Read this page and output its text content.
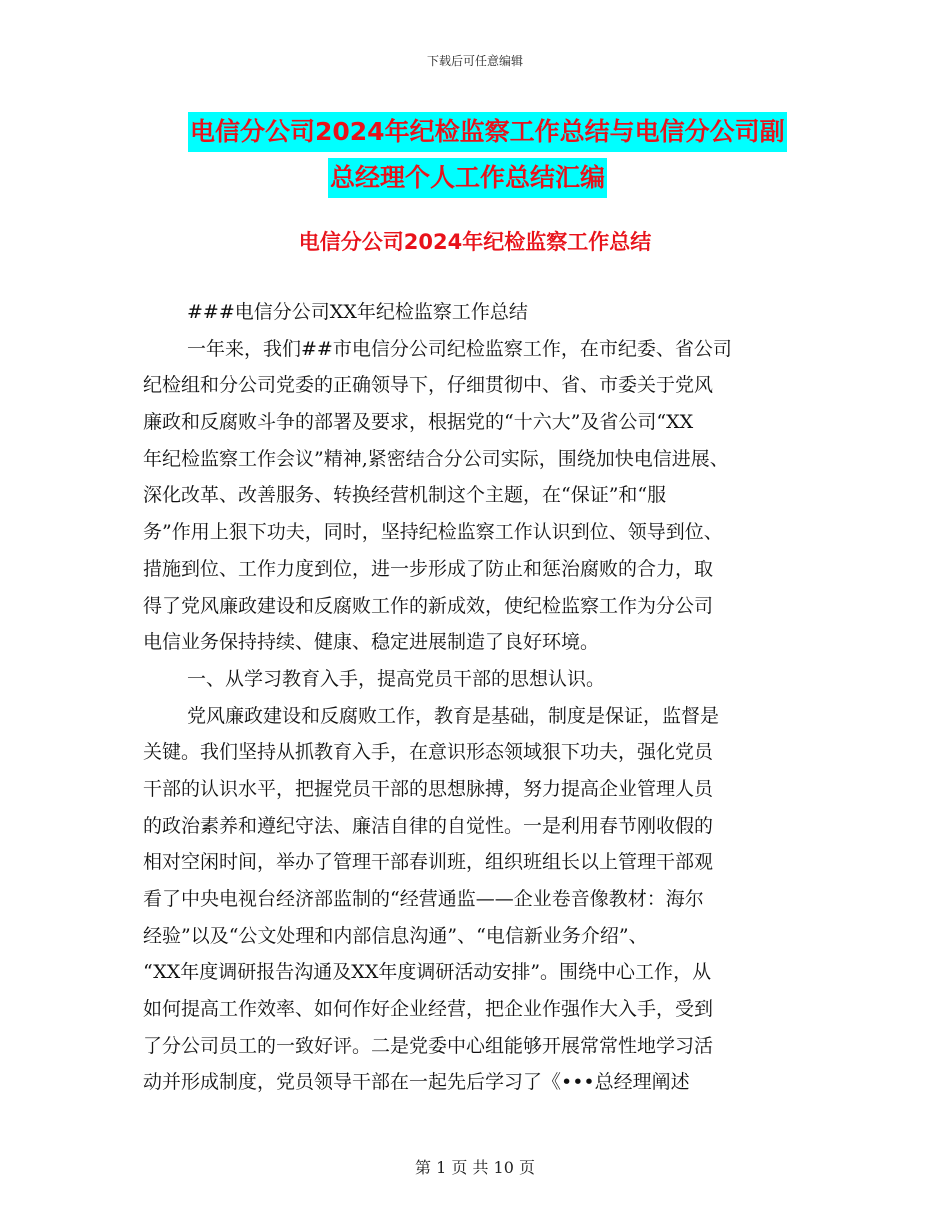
下载后可任意编辑
电信分公司2024年纪检监察工作总结与电信分公司副
总经理个人工作总结汇编
电信分公司2024年纪检监察工作总结
###电信分公司XX年纪检监察工作总结
一年来，我们##市电信分公司纪检监察工作，在市纪委、省公司
纪检组和分公司党委的正确领导下，仔细贯彻中、省、市委关于党风
廉政和反腐败斗争的部署及要求，根据党的“十六大”及省公司“XX
年纪检监察工作会议”精神,紧密结合分公司实际，围绕加快电信进展、
深化改革、改善服务、转换经营机制这个主题，在“保证”和“服
务”作用上狠下功夫，同时，坚持纪检监察工作认识到位、领导到位、
措施到位、工作力度到位，进一步形成了防止和惩治腐败的合力，取
得了党风廉政建设和反腐败工作的新成效，使纪检监察工作为分公司
电信业务保持持续、健康、稳定进展制造了良好环境。
一、从学习教育入手，提高党员干部的思想认识。
党风廉政建设和反腐败工作，教育是基础，制度是保证，监督是
关键。我们坚持从抓教育入手，在意识形态领域狠下功夫，强化党员
干部的认识水平，把握党员干部的思想脉搏，努力提高企业管理人员
的政治素养和遵纪守法、廉洁自律的自觉性。一是利用春节刚收假的
相对空闲时间，举办了管理干部春训班，组织班组长以上管理干部观
看了中央电视台经济部监制的“经营通监——企业卷音像教材：海尔
经验”以及“公文处理和内部信息沟通”、“电信新业务介绍”、
“XX年度调研报告沟通及XX年度调研活动安排”。围绕中心工作，从
如何提高工作效率、如何作好企业经营，把企业作强作大入手，受到
了分公司员工的一致好评。二是党委中心组能够开展常常性地学习活
动并形成制度，党员领导干部在一起先后学习了《•••总经理阐述
第 1 页 共 10 页
